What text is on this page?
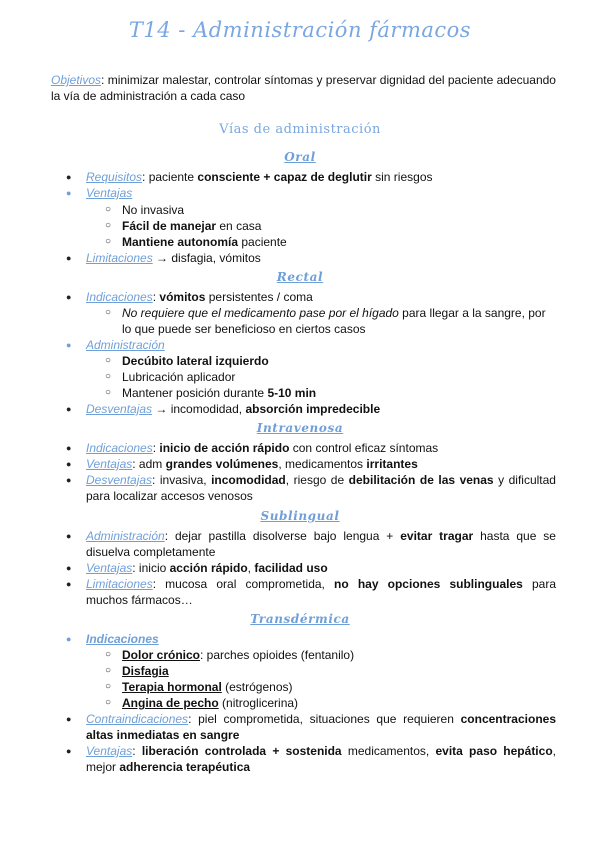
T14 - Administración fármacos
Objetivos: minimizar malestar, controlar síntomas y preservar dignidad del paciente adecuando la vía de administración a cada caso
Vías de administración
Oral
● Requisitos: paciente consciente + capaz de deglutir sin riesgos
● Ventajas
○ No invasiva
○ Fácil de manejar en casa
○ Mantiene autonomía paciente
● Limitaciones → disfagia, vómitos
Rectal
● Indicaciones: vómitos persistentes / coma
○ No requiere que el medicamento pase por el hígado para llegar a la sangre, por
lo que puede ser beneficioso en ciertos casos
● Administración
○ Decúbito lateral izquierdo
○ Lubricación aplicador
○ Mantener posición durante 5-10 min
● Desventajas → incomodidad, absorción impredecible
Intravenosa
● Indicaciones: inicio de acción rápido con control eficaz síntomas
● Ventajas: adm grandes volúmenes, medicamentos irritantes
● Desventajas: invasiva, incomodidad, riesgo de debilitación de las venas y dificultad
para localizar accesos venosos
Sublingual
● Administración: dejar pastilla disolverse bajo lengua + evitar tragar hasta que se
disuelva completamente
● Ventajas: inicio acción rápido, facilidad uso
● Limitaciones: mucosa oral comprometida, no hay opciones sublinguales para
muchos fármacos…
Transdérmica
● Indicaciones
○ Dolor crónico: parches opioides (fentanilo)
○ Disfagia
○ Terapia hormonal (estrógenos)
○ Angina de pecho (nitroglicerina)
● Contraindicaciones: piel comprometida, situaciones que requieren concentraciones
altas inmediatas en sangre
● Ventajas: liberación controlada + sostenida medicamentos, evita paso hepático,
mejor adherencia terapéutica
